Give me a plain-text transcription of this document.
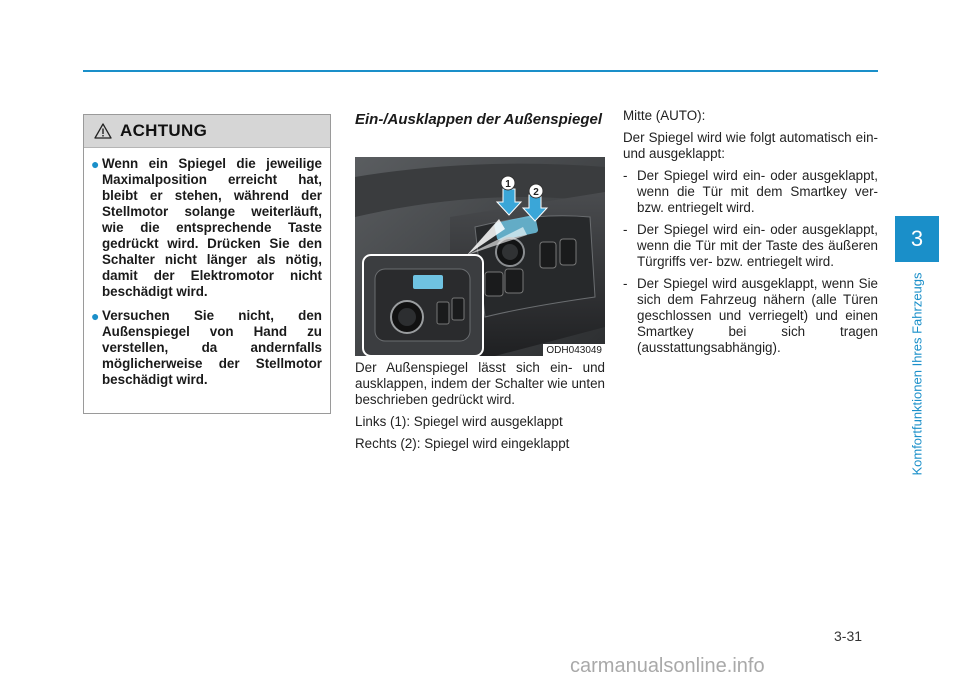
ACHTUNG
● Wenn ein Spiegel die jeweilige Maximalposition erreicht hat, bleibt er stehen, während der Stellmotor solange weiterläuft, wie die entsprechende Taste gedrückt wird. Drücken Sie den Schalter nicht länger als nötig, damit der Elektromotor nicht beschädigt wird.
● Versuchen Sie nicht, den Außenspiegel von Hand zu verstellen, da andernfalls möglicherweise der Stellmotor beschädigt wird.
Ein-/Ausklappen der Außenspiegel
1
2
ODH043049

Der Außenspiegel lässt sich ein- und ausklappen, indem der Schalter wie unten beschrieben gedrückt wird.

Links (1): Spiegel wird ausgeklappt

Rechts (2): Spiegel wird eingeklappt

Mitte (AUTO):

Der Spiegel wird wie folgt automatisch ein- und ausgeklappt:

- Der Spiegel wird ein- oder ausgeklappt, wenn die Tür mit dem Smartkey ver- bzw. entriegelt wird.
- Der Spiegel wird ein- oder ausgeklappt, wenn die Tür mit der Taste des äußeren Türgriffs ver- bzw. entriegelt wird.
- Der Spiegel wird ausgeklappt, wenn Sie sich dem Fahrzeug nähern (alle Türen geschlossen und verriegelt) und einen Smartkey bei sich tragen (ausstattungsabhängig).
3
Komfortfunktionen Ihres Fahrzeugs
3-31
carmanualsonline.info
